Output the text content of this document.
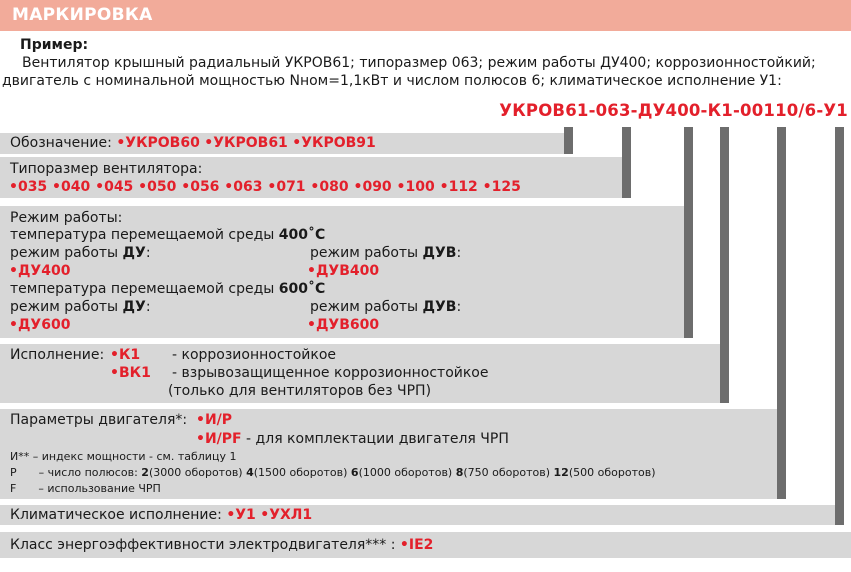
МАРКИРОВКА
Пример:
Вентилятор крышный радиальный УКРОВ61; типоразмер 063; режим работы ДУ400; коррозионностойкий;
двигатель с номинальной мощностью Nном=1,1кВт и числом полюсов 6; климатическое исполнение У1:
УКРОВ61-063-ДУ400-К1-00110/6-У1
Обозначение: •УКРОВ60 •УКРОВ61 •УКРОВ91
Типоразмер вентилятора:
•035 •040 •045 •050 •056 •063 •071 •080 •090 •100 •112 •125
Режим работы:
температура перемещаемой среды 400˚С
режим работы ДУ:	режим работы ДУВ:
•ДУ400	•ДУВ400
температура перемещаемой среды 600˚С
режим работы ДУ:	режим работы ДУВ:
•ДУ600	•ДУВ600
Исполнение: •К1 - коррозионностойкое
•ВК1 - взрывозащищенное коррозионностойкое
(только для вентиляторов без ЧРП)
Параметры двигателя*: •И/Р
•И/PF - для комплектации двигателя ЧРП
И** – индекс мощности - см. таблицу 1
Р – число полюсов: 2(3000 оборотов) 4(1500 оборотов) 6(1000 оборотов) 8(750 оборотов) 12(500 оборотов)
F – использование ЧРП
Климатическое исполнение: •У1 •УХЛ1
Класс энергоэффективности электродвигателя*** : •IE2
